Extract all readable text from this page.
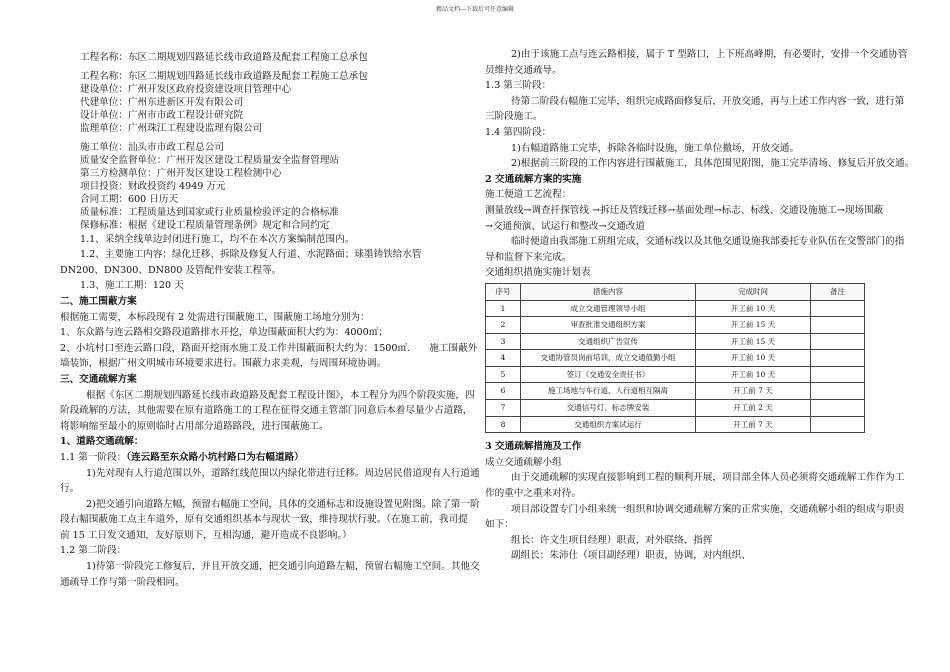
精品文档---下载后可任意编辑

工程名称：东区二期规划四路延长线市政道路及配套工程施工总承包

工程名称：东区二期规划四路延长线市政道路及配套工程施工总承包

建设单位：广州开发区政府投资建设项目管理中心

代建单位：广州东进新区开发有限公司

设计单位：广州市市政工程设计研究院

监理单位：广州珠江工程建设监理有限公司

施工单位：汕头市市政工程总公司

质量安全监督单位：广州开发区建设工程质量安全监督管理站

第三方检测单位：广州开发区建设工程检测中心

项目投资：财政投资约 4949 万元

合同工期：600 日历天

质量标准：工程质量达到国家或行业质量检验评定的合格标准

保修标准：根据《建设工程质量管理条例》规定和合同约定

1.1、采纳全线单边封闭进行施工，均不在本次方案编制范围内。

1.2、主要施工内容：绿化迁移、拆除及修复人行道、水泥路面；球墨铸铁给水管

DN200、DN300、DN800 及管配件安装工程等。

1.3、施工工期：120 天

二、施工围蔽方案

根据施工需要，本标段现有 2 处需进行围蔽施工，围蔽施工场地分别为：

1、东众路与连云路相交路段道路排水开挖，单边围蔽面积大约为：4000㎡；

2、小坑村口至连云路口段，路面开挖雨水施工及工作井围蔽面积大约为：1500㎡.　　施工围蔽外

墙装饰，根据广州文明城市环境要求进行。围蔽力求美观，与周围环境协调。

三、交通疏解方案

根据《东区二期规划四路延长线市政道路及配套工程设计图》，本工程分为四个阶段实施，四

阶段疏解的方法，其他需要在原有道路施工的工程在征得交通主管部门同意后本着尽量少占道路，

将影响缩至最小的原则临时占用部分道路路段，进行围蔽施工。

1、道路交通疏解：

1.1 第一阶段：（连云路至东众路小坑村路口为右幅道路）

1)先对现有人行道范围以外、道路红线范围以内绿化带进行迁移。周边居民借道现有人行道通

行。

2)把交通引向道路左幅，预留右幅施工空间，具体的交通标志和设施设置见附图。除了第一阶

段右幅围蔽施工点主车道外，原有交通组织基本与现状一致，维持现状行驶。（在施工前，我司提

前 15 工日发文通知，友好原则下，互相沟通，避开造成不良影响。）

1.2 第二阶段：

1)待第一阶段完工修复后，并且开放交通，把交通引向道路左幅，预留右幅施工空间。其他交

通疏导工作与第一阶段相同。

2)由于该施工点与连云路相接，属于 T 型路口，上下班高峰期，有必要时，安排一个交通协管

员维持交通疏导。

1.3 第三阶段：

待第二阶段右幅施工完毕，组织完成路面修复后，开放交通，再与上述工作内容一致，进行第

三阶段施工。

1.4 第四阶段：

1)右幅道路施工完毕，拆除各临时设施，施工单位撤场，开放交通。

2)根据前三阶段的工作内容进行围蔽施工，具体范围见附图，施工完毕清场、修复后开放交通。

2 交通疏解方案的实施

施工便道工艺流程：

测量放线→调查扦探管线 →拆迁及管线迁移→基面处理→标志、标线、交通设施施工→现场围蔽

→交通预演、试运行和整改→交通改道

临时便道由我部施工班组完成，交通标线以及其他交通设施我部委托专业队伍在交警部门的指

导和监督下来完成。

交通组织措施实施计划表

序号	措施内容	完成时间	备注
1	成立交通管理领导小组	开工前 10 天	
2	审查批准交通组织方案	开工前 15 天	
3	交通组织广告宣传	开工前 15 天	
4	交通协管员岗前培训，成立交通值勤小组	开工前 10 天	
5	签订《交通安全责任书》	开工前 10 天	
6	施工场地与车行道、人行道相互隔离	开工前 7 天	
7	交通信号灯、标志牌安装	开工前 2 天	
8	交通组织方案试运行	开工前 7 天	

3 交通疏解措施及工作

成立交通疏解小组

由于交通疏解的实现直接影响到工程的顺利开展，项目部全体人员必须将交通疏解工作作为工

作的重中之重来对待。

项目部设置专门小组来统一组织和协调交通疏解方案的正常实施，交通疏解小组的组成与职责

如下：

组长：许文生项目经理）职责，对外联络、指挥

副组长：朱沛仕（项目副经理）职责，协调，对内组织、
